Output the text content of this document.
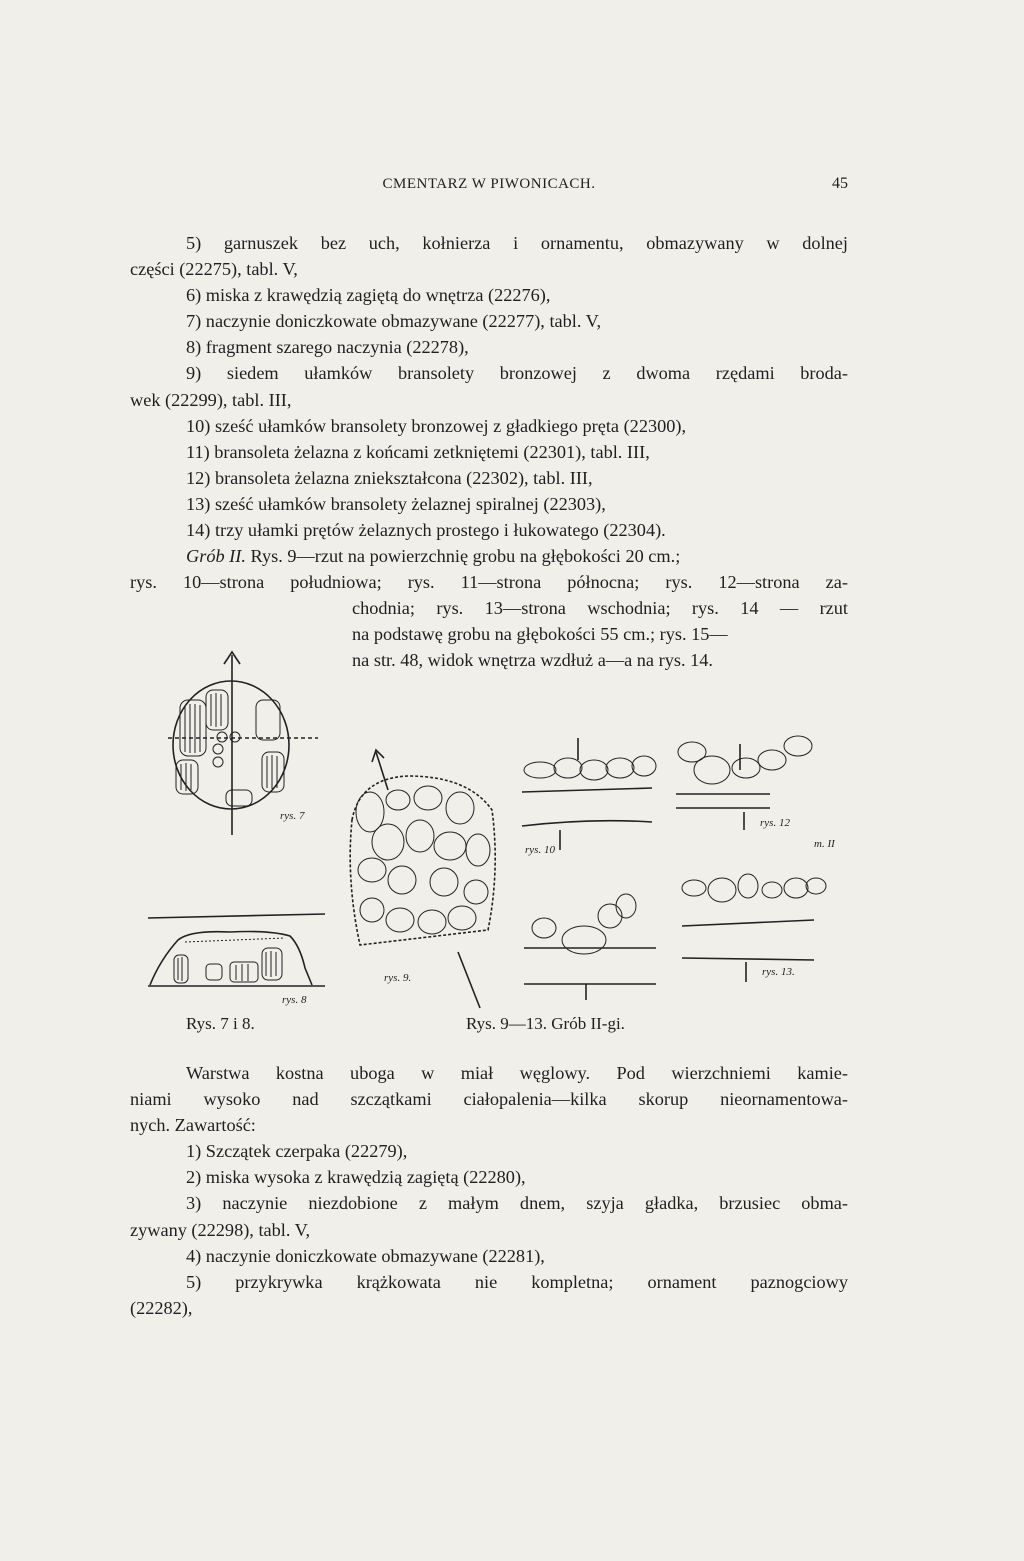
CMENTARZ W PIWONICACH.	45
5) garnuszek bez uch, kołnierza i ornamentu, obmazywany w dolnej
części (22275), tabl. V,
6) miska z krawędzią zagiętą do wnętrza (22276),
7) naczynie doniczkowate obmazywane (22277), tabl. V,
8) fragment szarego naczynia (22278),
9) siedem ułamków bransolety bronzowej z dwoma rzędami broda-
wek (22299), tabl. III,
10) sześć ułamków bransolety bronzowej z gładkiego pręta (22300),
11) bransoleta żelazna z końcami zetkniętemi (22301), tabl. III,
12) bransoleta żelazna zniekształcona (22302), tabl. III,
13) sześć ułamków bransolety żelaznej spiralnej (22303),
14) trzy ułamki prętów żelaznych prostego i łukowatego (22304).
Grób II. Rys. 9—rzut na powierzchnię grobu na głębokości 20 cm.;
rys. 10—strona południowa; rys. 11—strona północna; rys. 12—strona za-
chodnia; rys. 13—strona wschodnia; rys. 14 — rzut
na podstawę grobu na głębokości 55 cm.; rys. 15—
na str. 48, widok wnętrza wzdłuż a—a na rys. 14.
rys. 7
rys. 8
rys. 9.
rys. 10
rys. 12
rys. 13.
m. II
Rys. 7 i 8.	Rys. 9—13. Grób II-gi.
Warstwa kostna uboga w miał węglowy. Pod wierzchniemi kamie-
niami wysoko nad szczątkami ciałopalenia—kilka skorup nieornamentowa-
nych. Zawartość:
1) Szczątek czerpaka (22279),
2) miska wysoka z krawędzią zagiętą (22280),
3) naczynie niezdobione z małym dnem, szyja gładka, brzusiec obma-
zywany (22298), tabl. V,
4) naczynie doniczkowate obmazywane (22281),
5) przykrywka krążkowata nie kompletna; ornament paznogciowy
(22282),
